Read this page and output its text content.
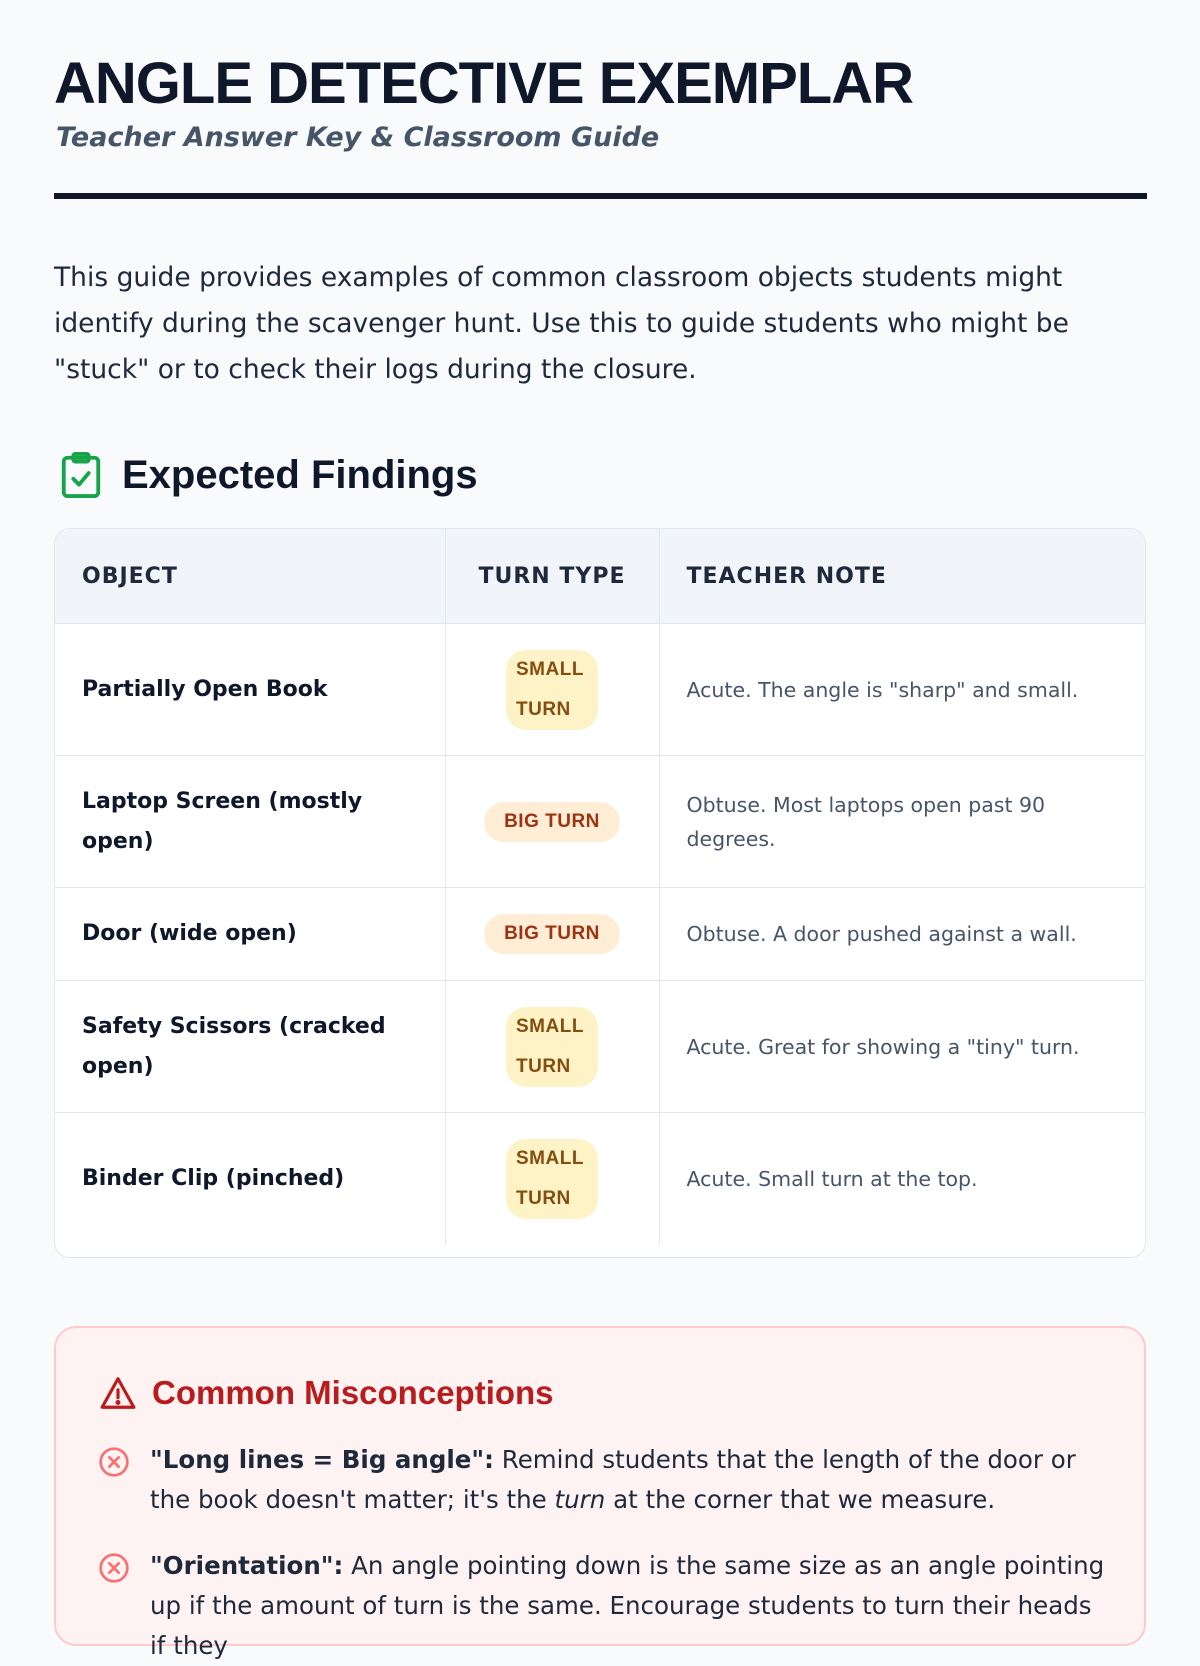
ANGLE DETECTIVE EXEMPLAR
Teacher Answer Key & Classroom Guide

This guide provides examples of common classroom objects students might identify during the scavenger hunt. Use this to guide students who might be "stuck" or to check their logs during the closure.

Expected Findings
OBJECT	TURN TYPE	TEACHER NOTE
Partially Open Book	SMALL TURN	Acute. The angle is "sharp" and small.
Laptop Screen (mostly open)	BIG TURN	Obtuse. Most laptops open past 90 degrees.
Door (wide open)	BIG TURN	Obtuse. A door pushed against a wall.
Safety Scissors (cracked open)	SMALL TURN	Acute. Great for showing a "tiny" turn.
Binder Clip (pinched)	SMALL TURN	Acute. Small turn at the top.
Common Misconceptions

"Long lines = Big angle": Remind students that the length of the door or the book doesn't matter; it's the turn at the corner that we measure.

"Orientation": An angle pointing down is the same size as an angle pointing up if the amount of turn is the same. Encourage students to turn their heads if they
